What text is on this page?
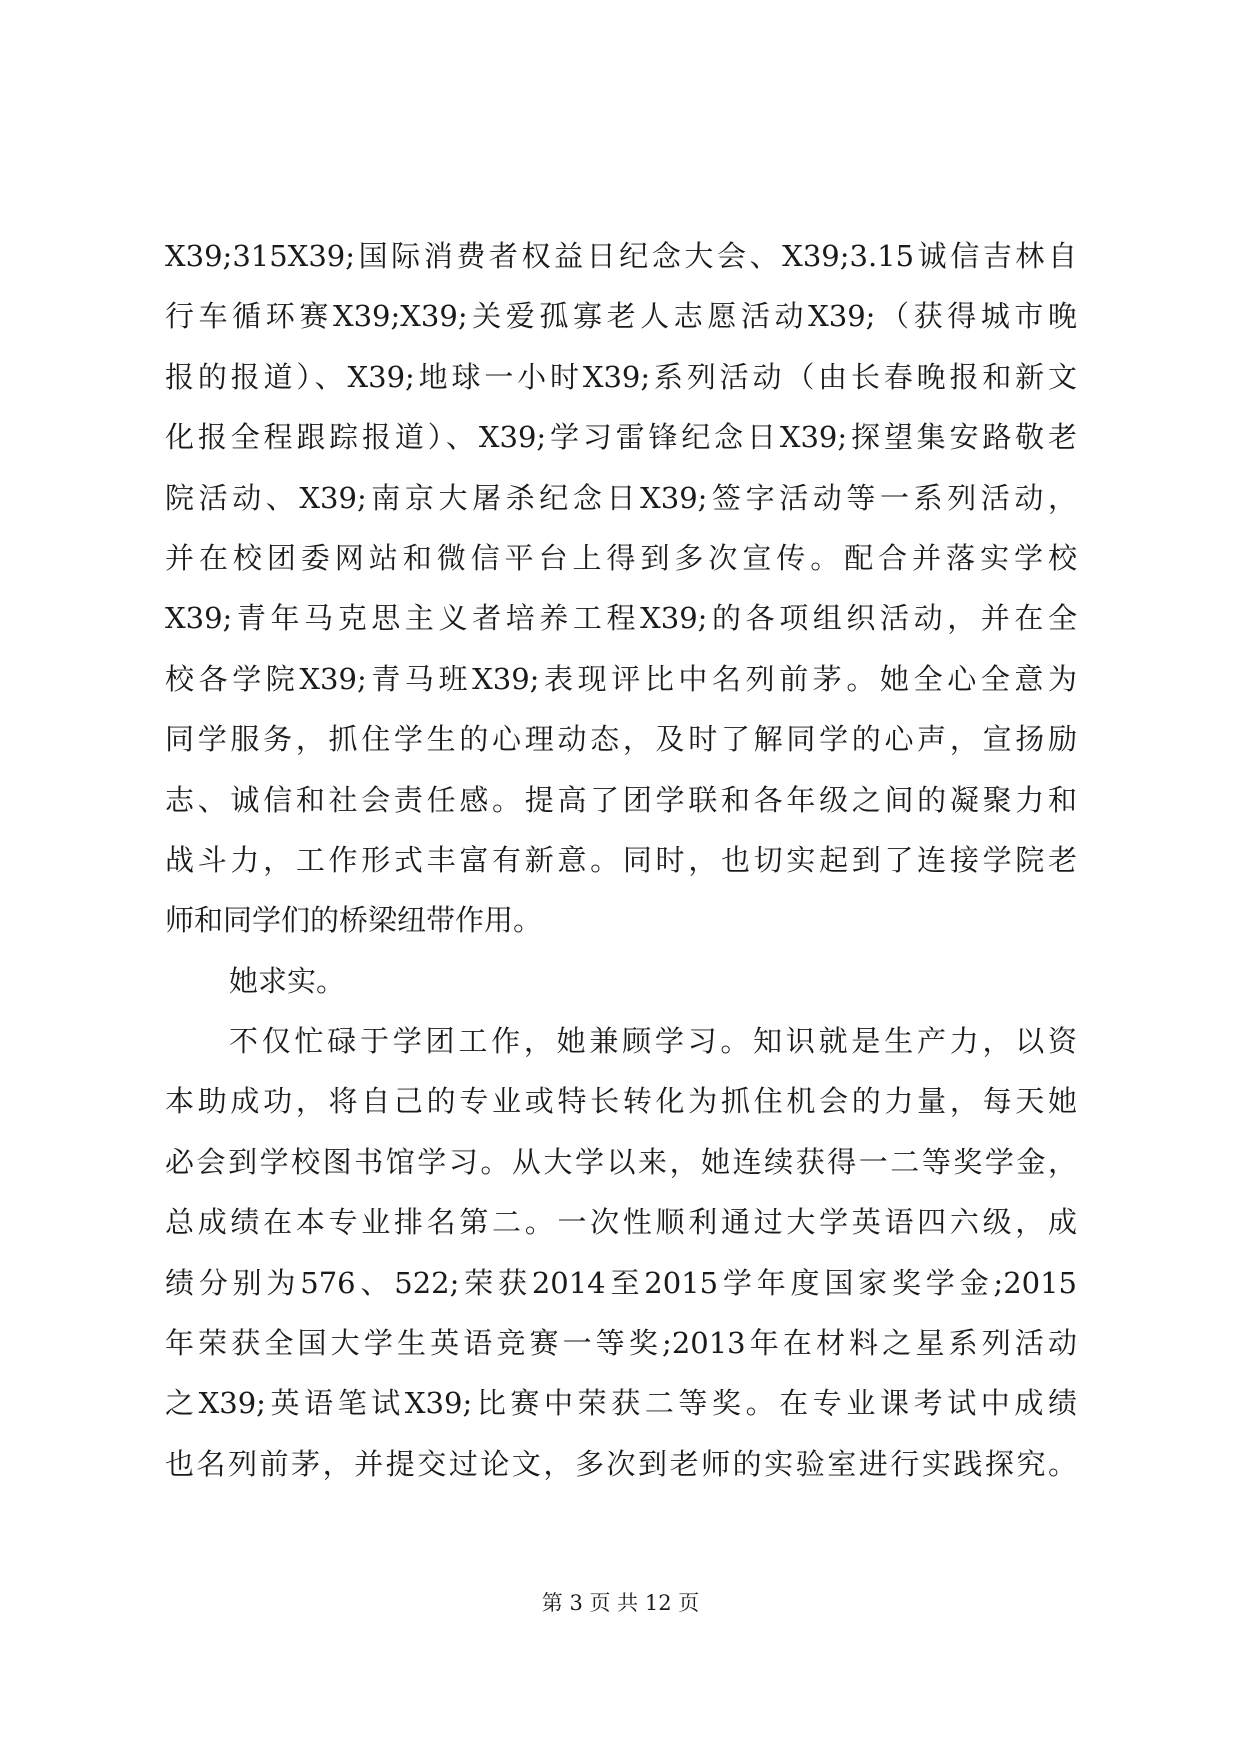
X39;315X39;国际消费者权益日纪念大会、X39;3.15诚信吉林自
行车循环赛X39;X39;关爱孤寡老人志愿活动X39;（获得城市晚
报的报道）、X39;地球一小时X39;系列活动（由长春晚报和新文
化报全程跟踪报道）、X39;学习雷锋纪念日X39;探望集安路敬老
院活动、X39;南京大屠杀纪念日X39;签字活动等一系列活动，
并在校团委网站和微信平台上得到多次宣传。配合并落实学校
X39;青年马克思主义者培养工程X39;的各项组织活动，并在全
校各学院X39;青马班X39;表现评比中名列前茅。她全心全意为
同学服务，抓住学生的心理动态，及时了解同学的心声，宣扬励
志、诚信和社会责任感。提高了团学联和各年级之间的凝聚力和
战斗力，工作形式丰富有新意。同时，也切实起到了连接学院老
师和同学们的桥梁纽带作用。
她求实。
不仅忙碌于学团工作，她兼顾学习。知识就是生产力，以资
本助成功，将自己的专业或特长转化为抓住机会的力量，每天她
必会到学校图书馆学习。从大学以来，她连续获得一二等奖学金，
总成绩在本专业排名第二。一次性顺利通过大学英语四六级，成
绩分别为576、522;荣获2014至2015学年度国家奖学金;2015
年荣获全国大学生英语竞赛一等奖;2013年在材料之星系列活动
之X39;英语笔试X39;比赛中荣获二等奖。在专业课考试中成绩
也名列前茅，并提交过论文，多次到老师的实验室进行实践探究。
第 3 页 共 12 页
